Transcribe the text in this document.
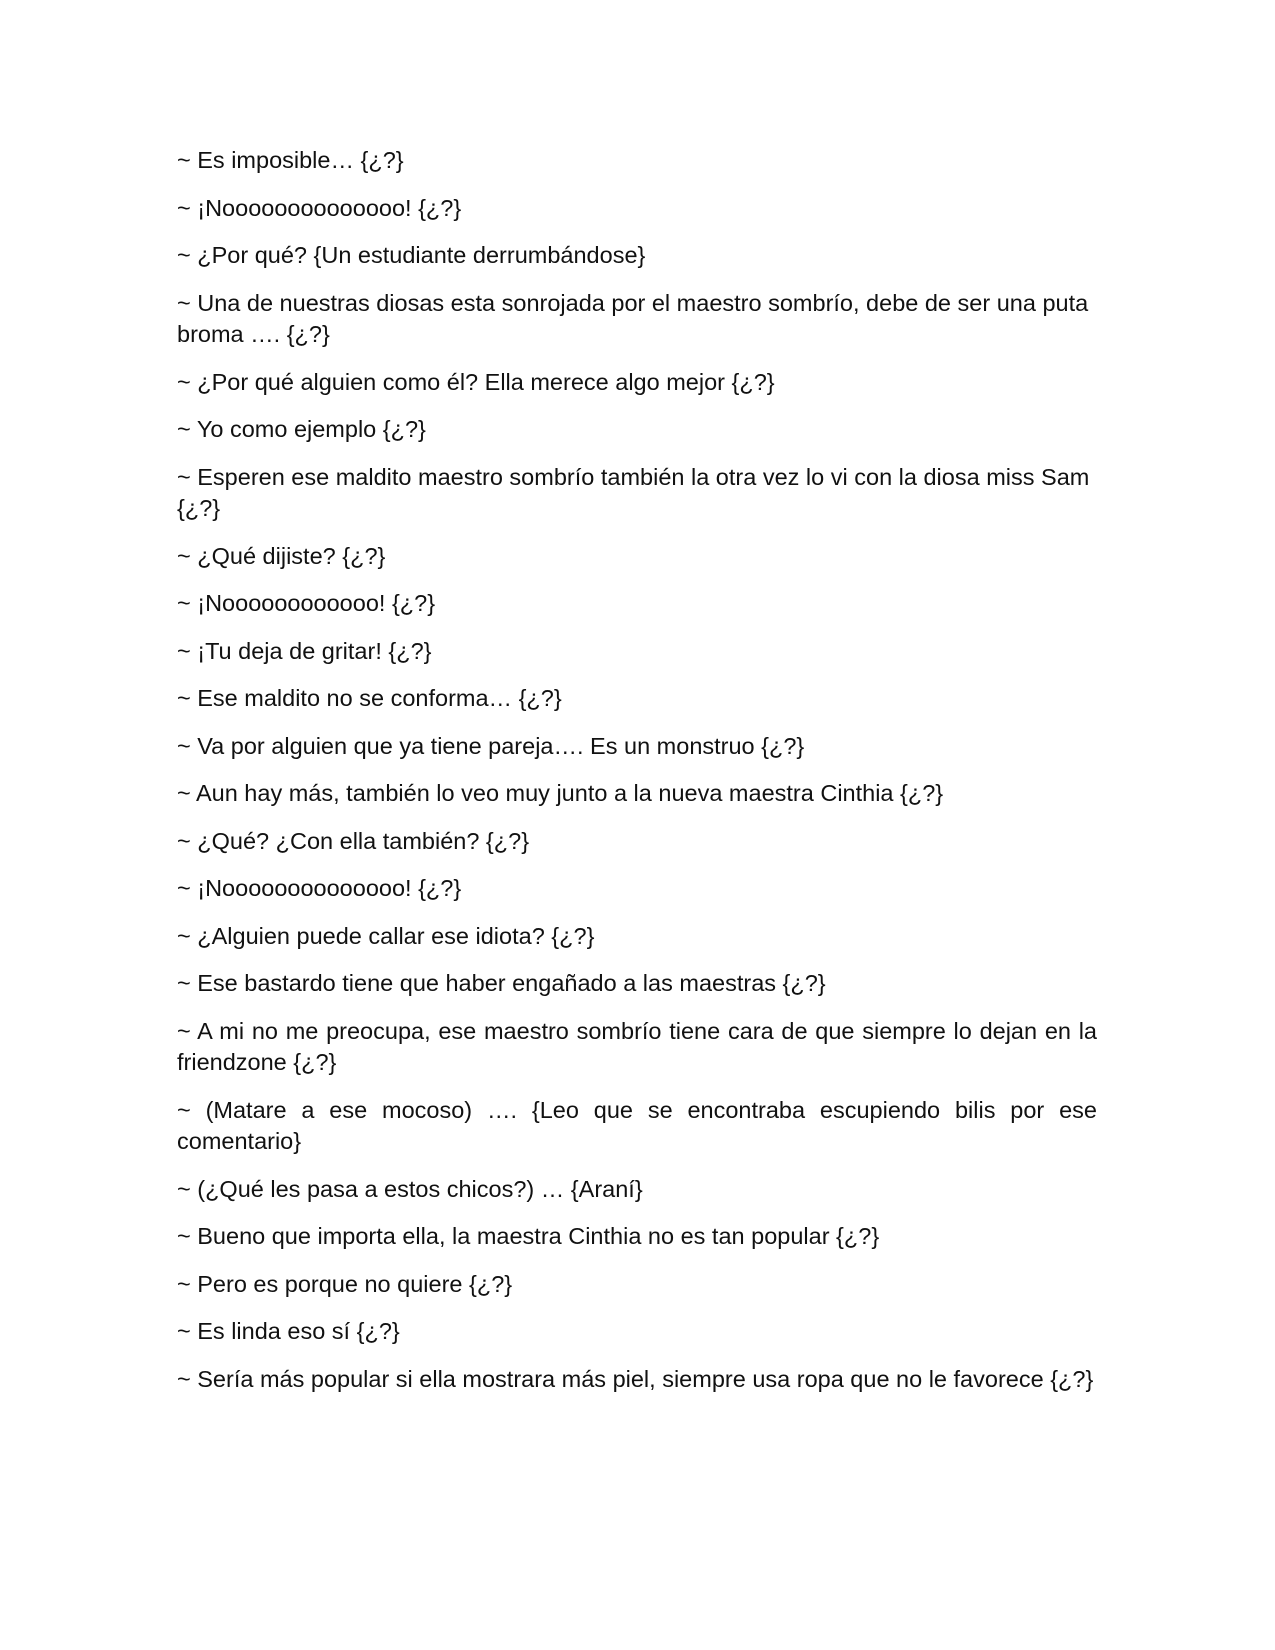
~ Es imposible… {¿?}

~ ¡Noooooooooooooo! {¿?}

~ ¿Por qué? {Un estudiante derrumbándose}

~ Una de nuestras diosas esta sonrojada por el maestro sombrío, debe de ser una puta broma …. {¿?}

~ ¿Por qué alguien como él? Ella merece algo mejor {¿?}

~ Yo como ejemplo {¿?}

~ Esperen ese maldito maestro sombrío también la otra vez lo vi con la diosa miss Sam {¿?}

~ ¿Qué dijiste? {¿?}

~ ¡Noooooooooooo! {¿?}

~ ¡Tu deja de gritar! {¿?}

~ Ese maldito no se conforma… {¿?}

~ Va por alguien que ya tiene pareja…. Es un monstruo {¿?}

~ Aun hay más, también lo veo muy junto a la nueva maestra Cinthia {¿?}

~ ¿Qué? ¿Con ella también? {¿?}

~ ¡Noooooooooooooo! {¿?}

~ ¿Alguien puede callar ese idiota? {¿?}

~ Ese bastardo tiene que haber engañado a las maestras {¿?}

~ A mi no me preocupa, ese maestro sombrío tiene cara de que siempre lo dejan en la friendzone {¿?}

~ (Matare a ese mocoso) …. {Leo que se encontraba escupiendo bilis por ese comentario}

~ (¿Qué les pasa a estos chicos?) … {Araní}

~ Bueno que importa ella, la maestra Cinthia no es tan popular {¿?}

~ Pero es porque no quiere {¿?}

~ Es linda eso sí {¿?}

~ Sería más popular si ella mostrara más piel, siempre usa ropa que no le favorece {¿?}
